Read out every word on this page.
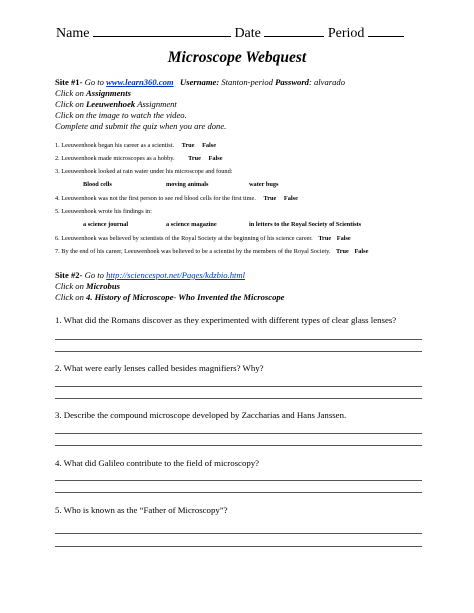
Name	Date	Period
Microscope Webquest
Site #1- Go to www.learn360.com Username: Stanton-period Password: alvarado
Click on Assignments
Click on Leeuwenhoek Assignment
Click on the image to watch the video.
Complete and submit the quiz when you are done.
1. Leeuwenhoek began his career as a scientist. True False
2. Leeuwenhoek made microscopes as a hobby. True False
3. Leeuwenhoek looked at rain water under his microscope and found:
Blood cells	moving animals	water bugs
4. Leeuwenhoek was not the first person to see red blood cells for the first time. True False
5. Leeuwenhoek wrote his findings in:
a science journal	a science magazine	in letters to the Royal Society of Scientists
6. Leeuwenhoek was believed by scientists of the Royal Society at the beginning of his science career. True False
7. By the end of his career, Leeuwenhoek was believed to be a scientist by the members of the Royal Society. True False
Site #2- Go to http://sciencespot.net/Pages/kdzbio.html
Click on Microbus
Click on 4. History of Microscope- Who Invented the Microscope
1. What did the Romans discover as they experimented with different types of clear glass lenses?
2. What were early lenses called besides magnifiers? Why?
3. Describe the compound microscope developed by Zaccharias and Hans Janssen.
4. What did Galileo contribute to the field of microscopy?
5. Who is known as the “Father of Microscopy”?
